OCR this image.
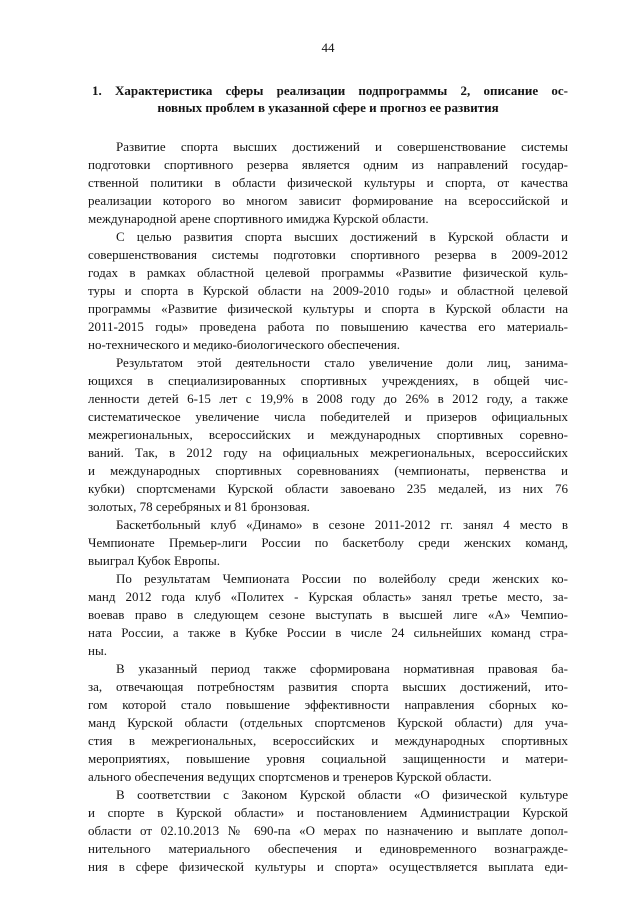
44
1. Характеристика сферы реализации подпрограммы 2, описание ос-
новных проблем в указанной сфере и прогноз ее развития

Развитие спорта высших достижений и совершенствование системы
подготовки спортивного резерва является одним из направлений государ-
ственной политики в области физической культуры и спорта, от качества
реализации которого во многом зависит формирование на всероссийской и
международной арене спортивного имиджа Курской области.

С целью развития спорта высших достижений в Курской области и
совершенствования системы подготовки спортивного резерва в 2009-2012
годах в рамках областной целевой программы «Развитие физической куль-
туры и спорта в Курской области на 2009-2010 годы» и областной целевой
программы «Развитие физической культуры и спорта в Курской области на
2011-2015 годы» проведена работа по повышению качества его материаль-
но-технического и медико-биологического обеспечения.

Результатом этой деятельности стало увеличение доли лиц, занима-
ющихся в специализированных спортивных учреждениях, в общей чис-
ленности детей 6-15 лет с 19,9% в 2008 году до 26% в 2012 году, а также
систематическое увеличение числа победителей и призеров официальных
межрегиональных, всероссийских и международных спортивных соревно-
ваний. Так, в 2012 году на официальных межрегиональных, всероссийских
и международных спортивных соревнованиях (чемпионаты, первенства и
кубки) спортсменами Курской области завоевано 235 медалей, из них 76
золотых, 78 серебряных и 81 бронзовая.

Баскетбольный клуб «Динамо» в сезоне 2011-2012 гг. занял 4 место в
Чемпионате Премьер-лиги России по баскетболу среди женских команд,
выиграл Кубок Европы.

По результатам Чемпионата России по волейболу среди женских ко-
манд 2012 года клуб «Политех - Курская область» занял третье место, за-
воевав право в следующем сезоне выступать в высшей лиге «А» Чемпио-
ната России, а также в Кубке России в числе 24 сильнейших команд стра-
ны.

В указанный период также сформирована нормативная правовая ба-
за, отвечающая потребностям развития спорта высших достижений, ито-
гом которой стало повышение эффективности направления сборных ко-
манд Курской области (отдельных спортсменов Курской области) для уча-
стия в межрегиональных, всероссийских и международных спортивных
мероприятиях, повышение уровня социальной защищенности и матери-
ального обеспечения ведущих спортсменов и тренеров Курской области.

В соответствии с Законом Курской области «О физической культуре
и спорте в Курской области» и постановлением Администрации Курской
области от 02.10.2013 № 690-па «О мерах по назначению и выплате допол-
нительного материального обеспечения и единовременного вознагражде-
ния в сфере физической культуры и спорта» осуществляется выплата еди-
